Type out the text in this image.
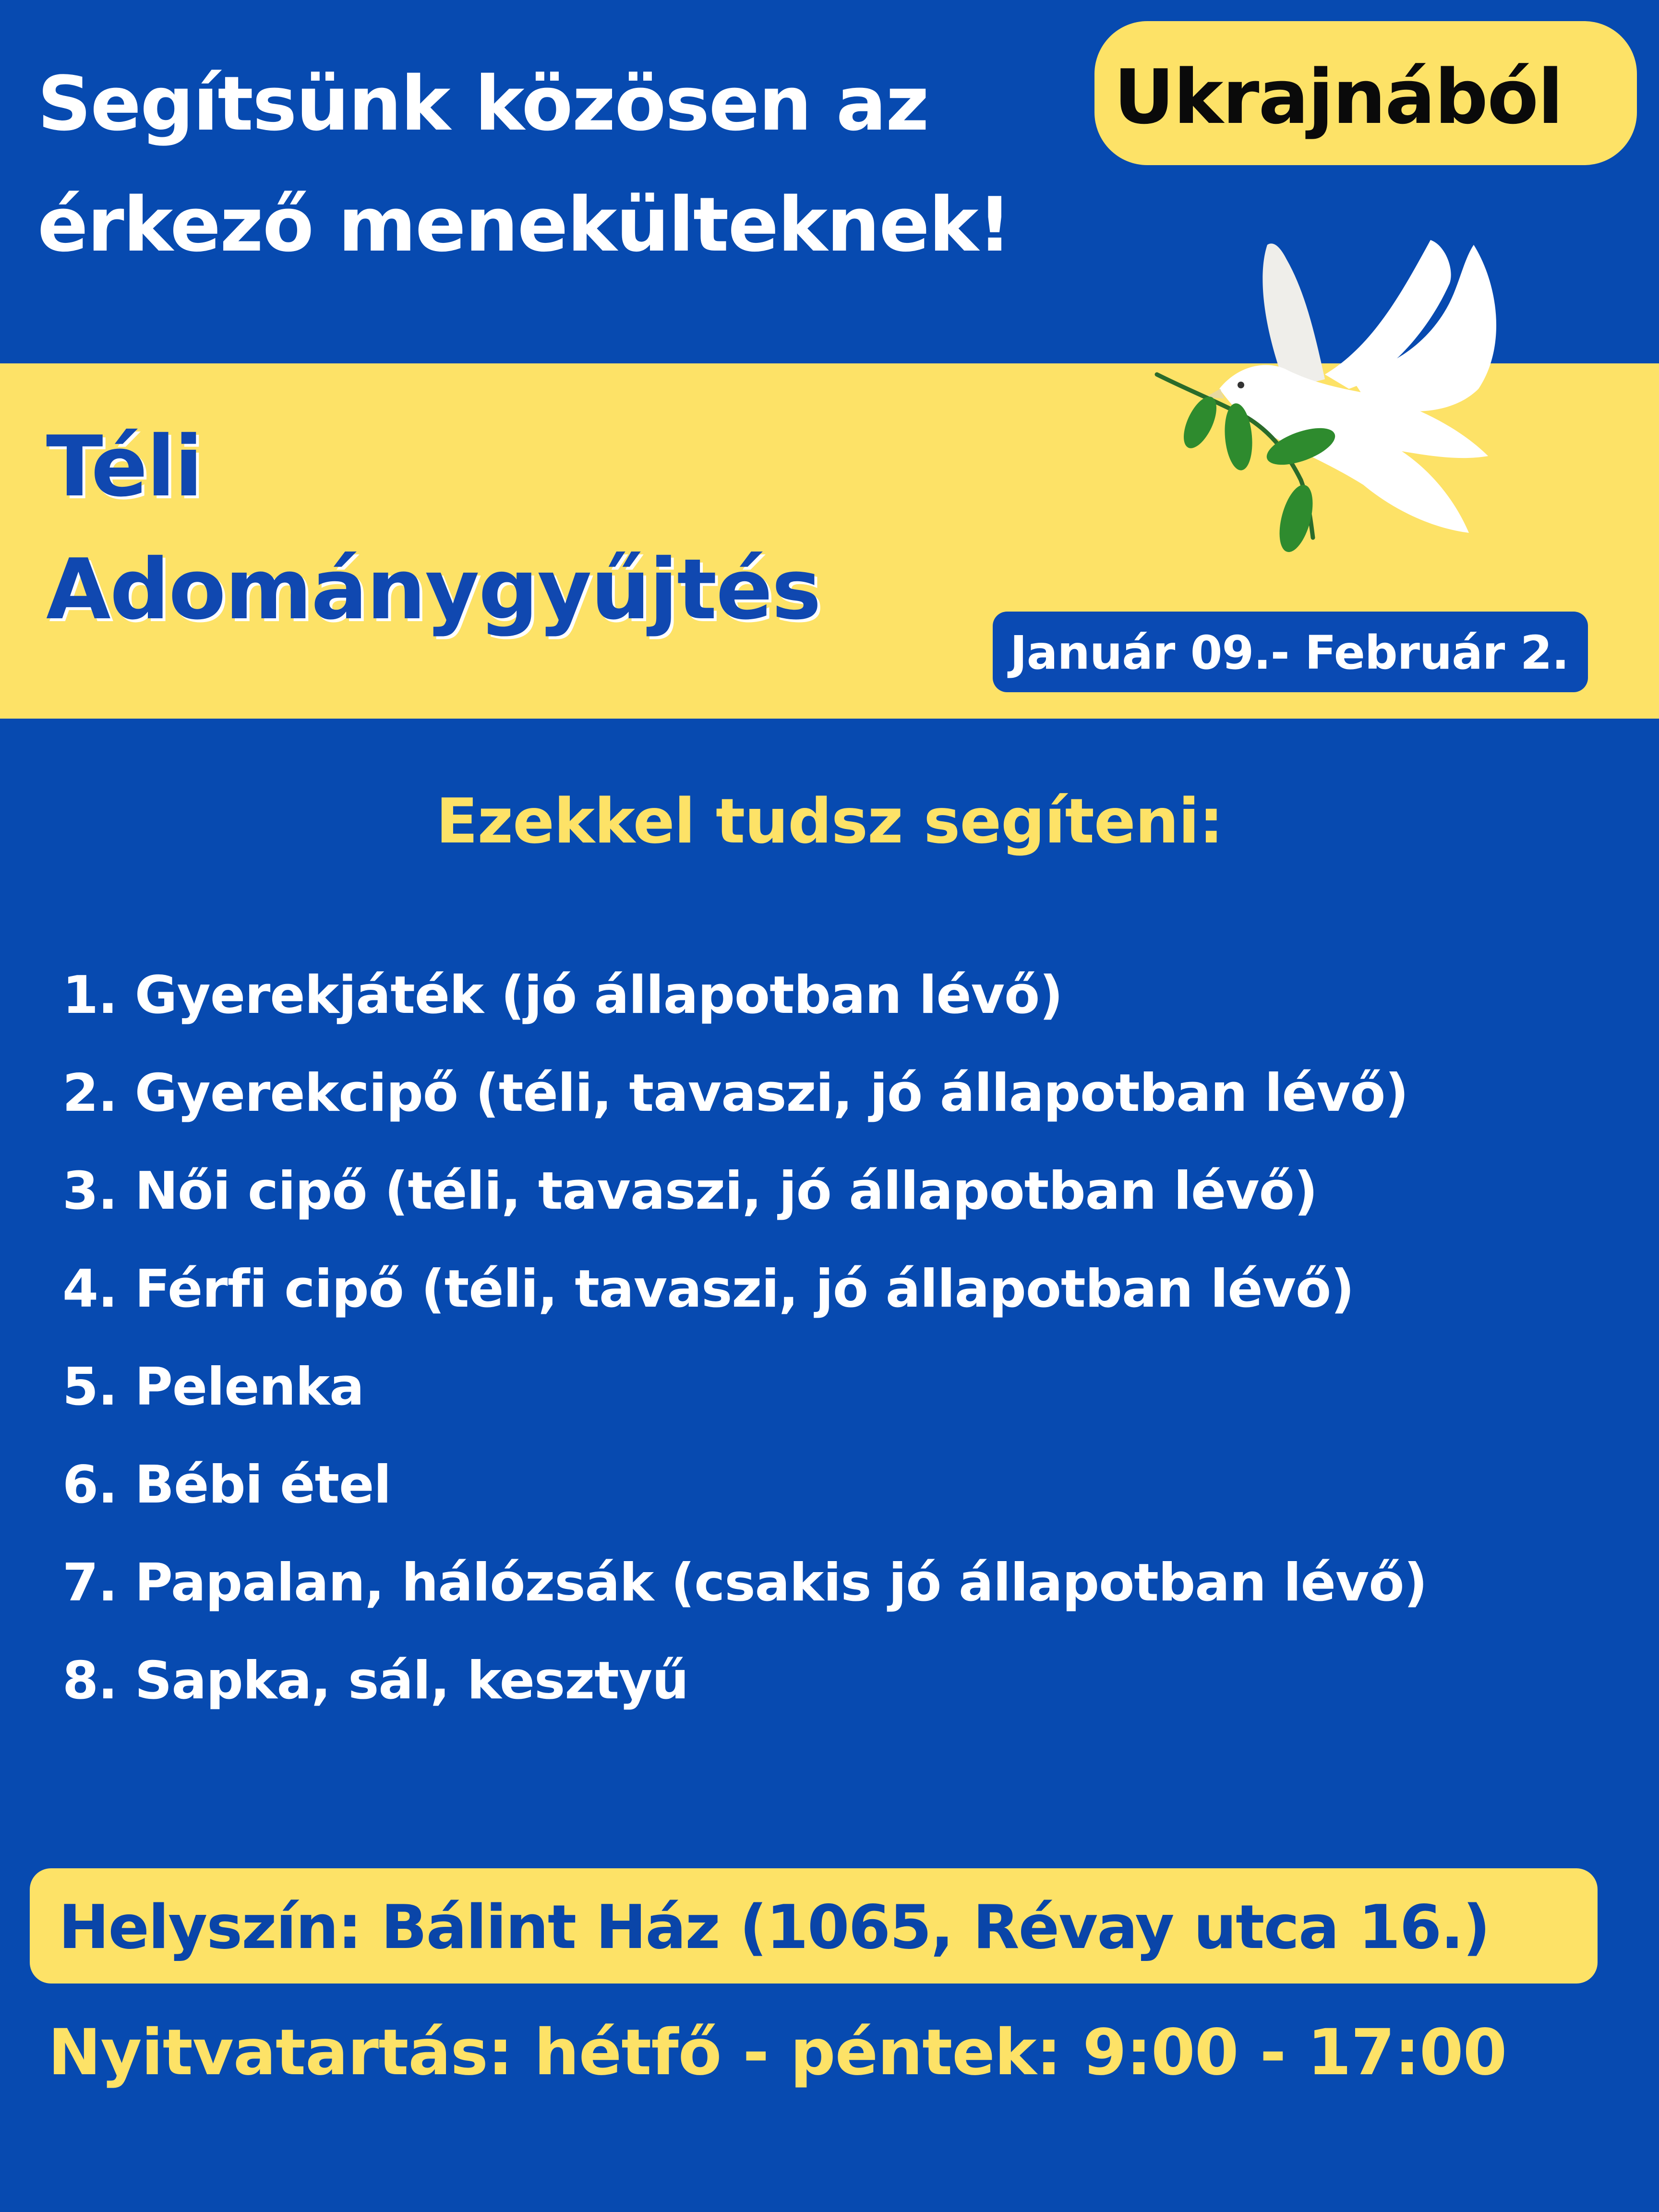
Segítsünk közösen az Ukrajnából
érkező menekülteknek!
Téli
Adománygyűjtés
Január 09.- Február 2.
Ezekkel tudsz segíteni:
1. Gyerekjáték (jó állapotban lévő)
2. Gyerekcipő (téli, tavaszi, jó állapotban lévő)
3. Női cipő (téli, tavaszi, jó állapotban lévő)
4. Férfi cipő (téli, tavaszi, jó állapotban lévő)
5. Pelenka
6. Bébi étel
7. Papalan, hálózsák (csakis jó állapotban lévő)
8. Sapka, sál, kesztyű
Helyszín: Bálint Ház (1065, Révay utca 16.)
Nyitvatartás: hétfő - péntek: 9:00 - 17:00
